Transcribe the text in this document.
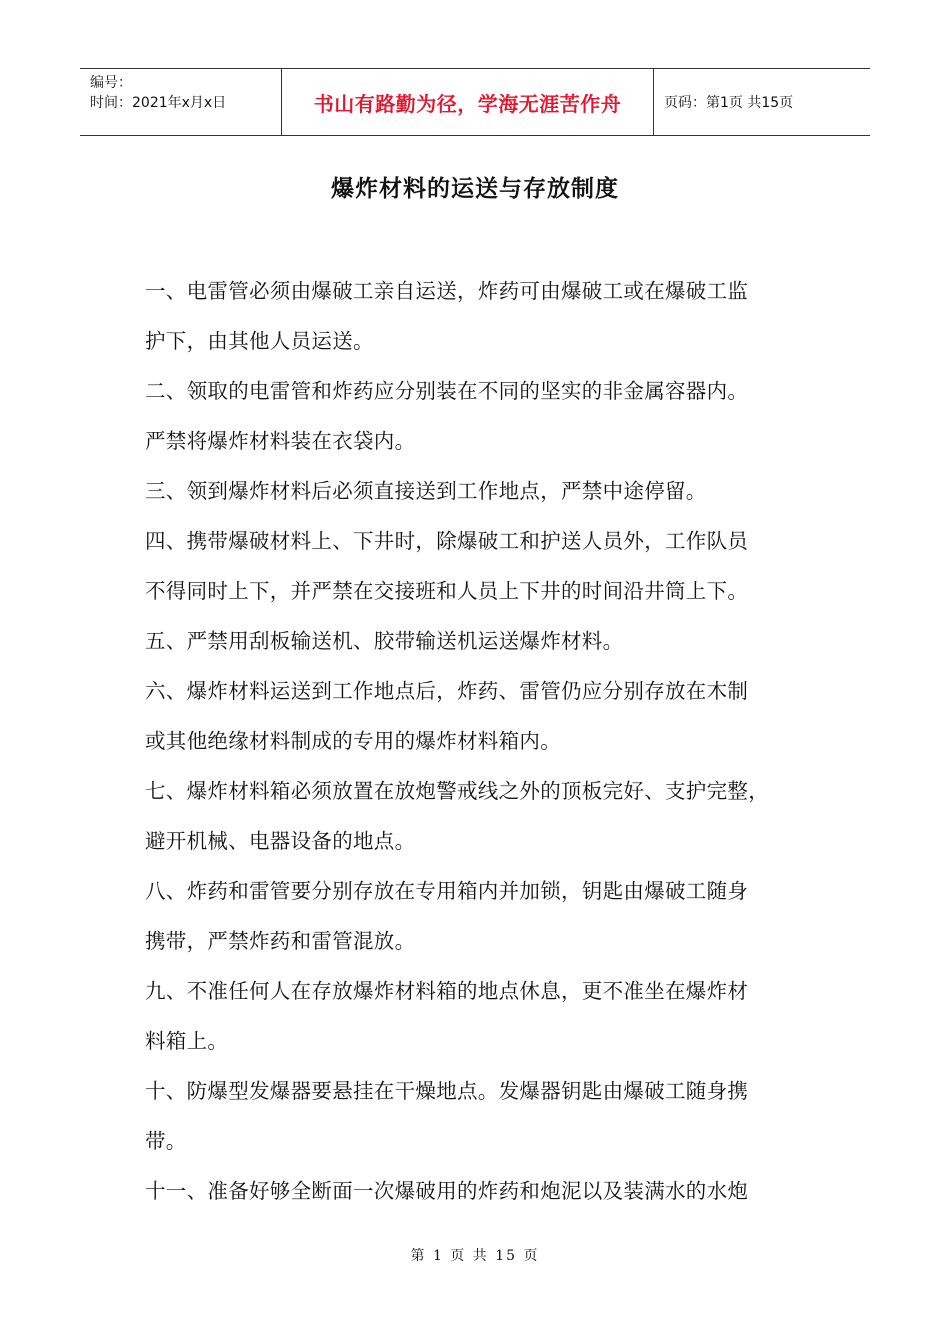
编号：
时间：2021年x月x日	书山有路勤为径，学海无涯苦作舟	页码：第1页 共15页
爆炸材料的运送与存放制度

一、电雷管必须由爆破工亲自运送，炸药可由爆破工或在爆破工监

护下，由其他人员运送。

二、领取的电雷管和炸药应分别装在不同的坚实的非金属容器内。

严禁将爆炸材料装在衣袋内。

三、领到爆炸材料后必须直接送到工作地点，严禁中途停留。

四、携带爆破材料上、下井时，除爆破工和护送人员外，工作队员

不得同时上下，并严禁在交接班和人员上下井的时间沿井筒上下。

五、严禁用刮板输送机、胶带输送机运送爆炸材料。

六、爆炸材料运送到工作地点后，炸药、雷管仍应分别存放在木制

或其他绝缘材料制成的专用的爆炸材料箱内。

七、爆炸材料箱必须放置在放炮警戒线之外的顶板完好、支护完整，

避开机械、电器设备的地点。

八、炸药和雷管要分别存放在专用箱内并加锁，钥匙由爆破工随身

携带，严禁炸药和雷管混放。

九、不准任何人在存放爆炸材料箱的地点休息，更不准坐在爆炸材

料箱上。

十、防爆型发爆器要悬挂在干燥地点。发爆器钥匙由爆破工随身携

带。

十一、准备好够全断面一次爆破用的炸药和炮泥以及装满水的水炮

第 1 页 共 15 页
